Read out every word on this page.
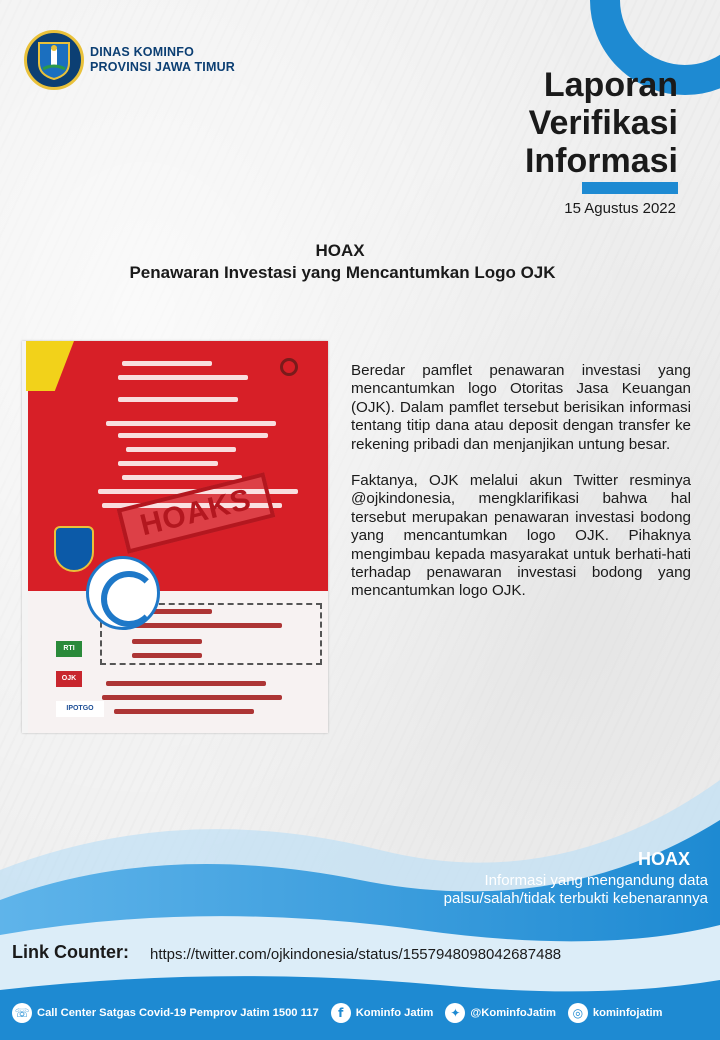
DINAS KOMINFO
PROVINSI JAWA TIMUR	Laporan
Verifikasi
Informasi
15 Agustus 2022
HOAX
Penawaran Investasi yang Mencantumkan Logo OJK
RTI
OJK
IPOTGO
HOAKS

Beredar pamflet penawaran investasi yang mencantumkan logo Otoritas Jasa Keuangan (OJK). Dalam pamflet tersebut berisikan informasi tentang titip dana atau deposit dengan transfer ke rekening pribadi dan menjanjikan untung besar.

Faktanya, OJK melalui akun Twitter resminya @ojkindonesia, mengklarifikasi bahwa hal tersebut merupakan penawaran investasi bodong yang mencantumkan logo OJK. Pihaknya mengimbau kepada masyarakat untuk berhati-hati terhadap penawaran investasi bodong yang mencantumkan logo OJK.

HOAX
Informasi yang mengandung data palsu/salah/tidak terbukti kebenarannya
Link Counter: https://twitter.com/ojkindonesia/status/1557948098042687488
☏ Call Center Satgas Covid-19 Pemprov Jatim 1500 117	f	Kominfo Jatim	✦ @KominfoJatim	◎ kominfojatim
